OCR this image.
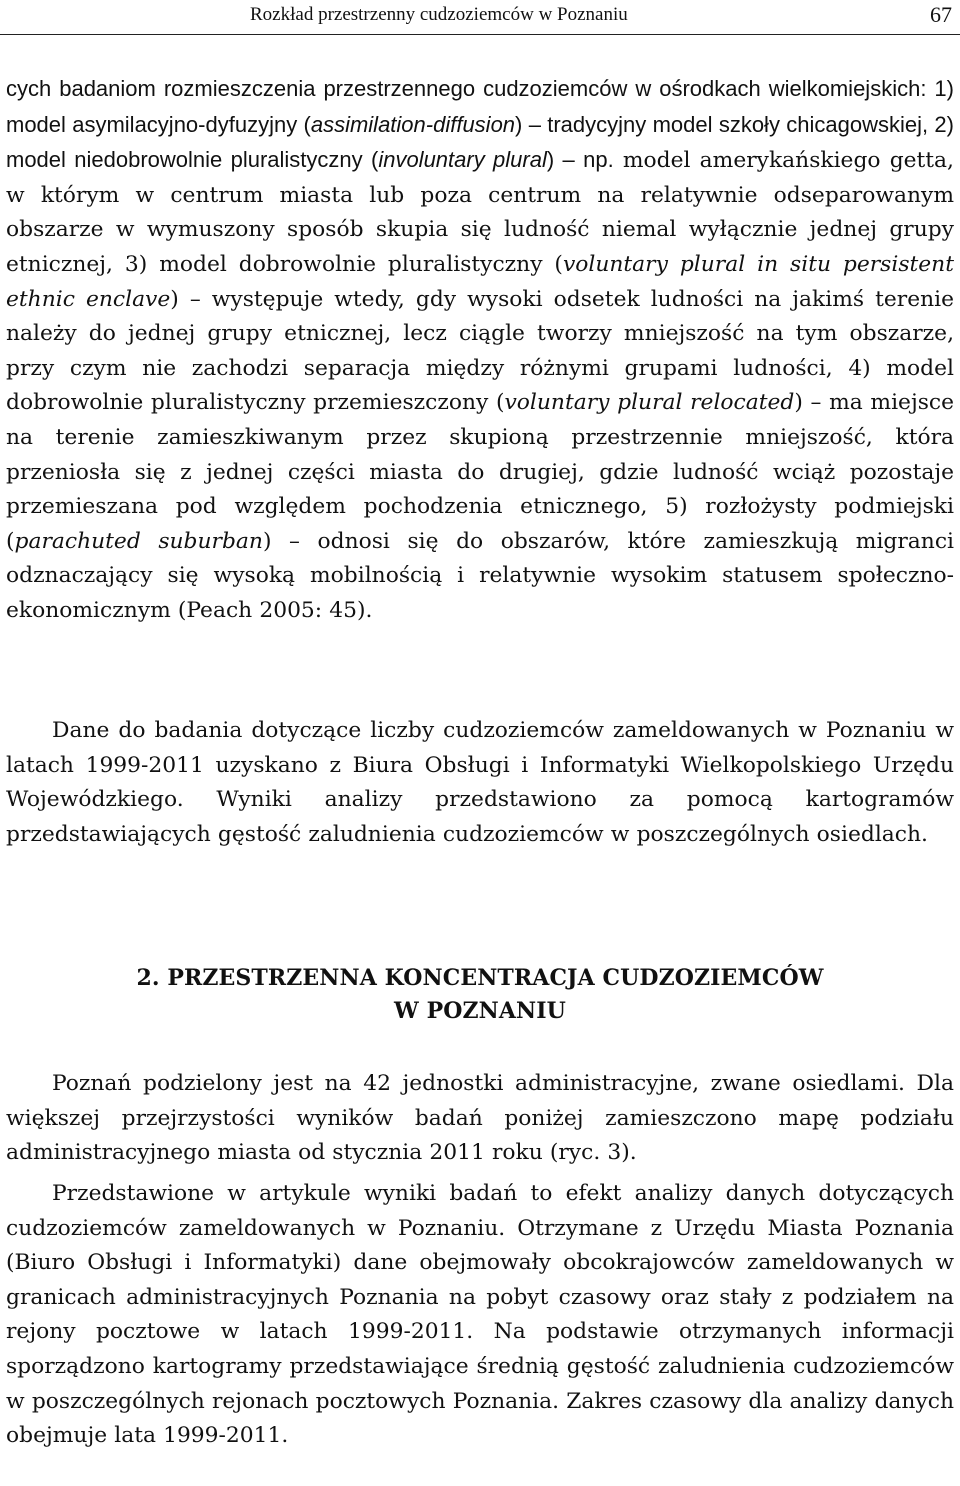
Rozkład przestrzenny cudzoziemców w Poznaniu	67

cych badaniom rozmieszczenia przestrzennego cudzoziemców w ośrodkach wielkomiejskich: 1) model asymilacyjno-dyfuzyjny (assimilation-diffusion) – tradycyjny model szkoły chicagowskiej, 2) model niedobrowolnie pluralistyczny (involuntary plural) – np. model amerykańskiego getta, w którym w centrum miasta lub poza centrum na relatywnie odseparowanym obszarze w wymuszony sposób skupia się ludność niemal wyłącznie jednej grupy etnicznej, 3) model dobrowolnie pluralistyczny (voluntary plural in situ persistent ethnic enclave) – występuje wtedy, gdy wysoki odsetek ludności na jakimś terenie należy do jednej grupy etnicznej, lecz ciągle tworzy mniejszość na tym obszarze, przy czym nie zachodzi separacja między różnymi grupami ludności, 4) model dobrowolnie pluralistyczny przemieszczony (voluntary plural relocated) – ma miejsce na terenie zamieszkiwanym przez skupioną przestrzennie mniejszość, która przeniosła się z jednej części miasta do drugiej, gdzie ludność wciąż pozostaje przemieszana pod względem pochodzenia etnicznego, 5) rozłożysty podmiejski (parachuted suburban) – odnosi się do obszarów, które zamieszkują migranci odznaczający się wysoką mobilnością i relatywnie wysokim statusem społeczno-ekonomicznym (Peach 2005: 45).

Dane do badania dotyczące liczby cudzoziemców zameldowanych w Poznaniu w latach 1999-2011 uzyskano z Biura Obsługi i Informatyki Wielkopolskiego Urzędu Wojewódzkiego. Wyniki analizy przedstawiono za pomocą kartogramów przedstawiających gęstość zaludnienia cudzoziemców w poszczególnych osiedlach.

2. PRZESTRZENNA KONCENTRACJA CUDZOZIEMCÓW
W POZNANIU

Poznań podzielony jest na 42 jednostki administracyjne, zwane osiedlami. Dla większej przejrzystości wyników badań poniżej zamieszczono mapę podziału administracyjnego miasta od stycznia 2011 roku (ryc. 3).

Przedstawione w artykule wyniki badań to efekt analizy danych dotyczących cudzoziemców zameldowanych w Poznaniu. Otrzymane z Urzędu Miasta Poznania (Biuro Obsługi i Informatyki) dane obejmowały obcokrajowców zameldowanych w granicach administracyjnych Poznania na pobyt czasowy oraz stały z podziałem na rejony pocztowe w latach 1999-2011. Na podstawie otrzymanych informacji sporządzono kartogramy przedstawiające średnią gęstość zaludnienia cudzoziemców w poszczególnych rejonach pocztowych Poznania. Zakres czasowy dla analizy danych obejmuje lata 1999-2011.
